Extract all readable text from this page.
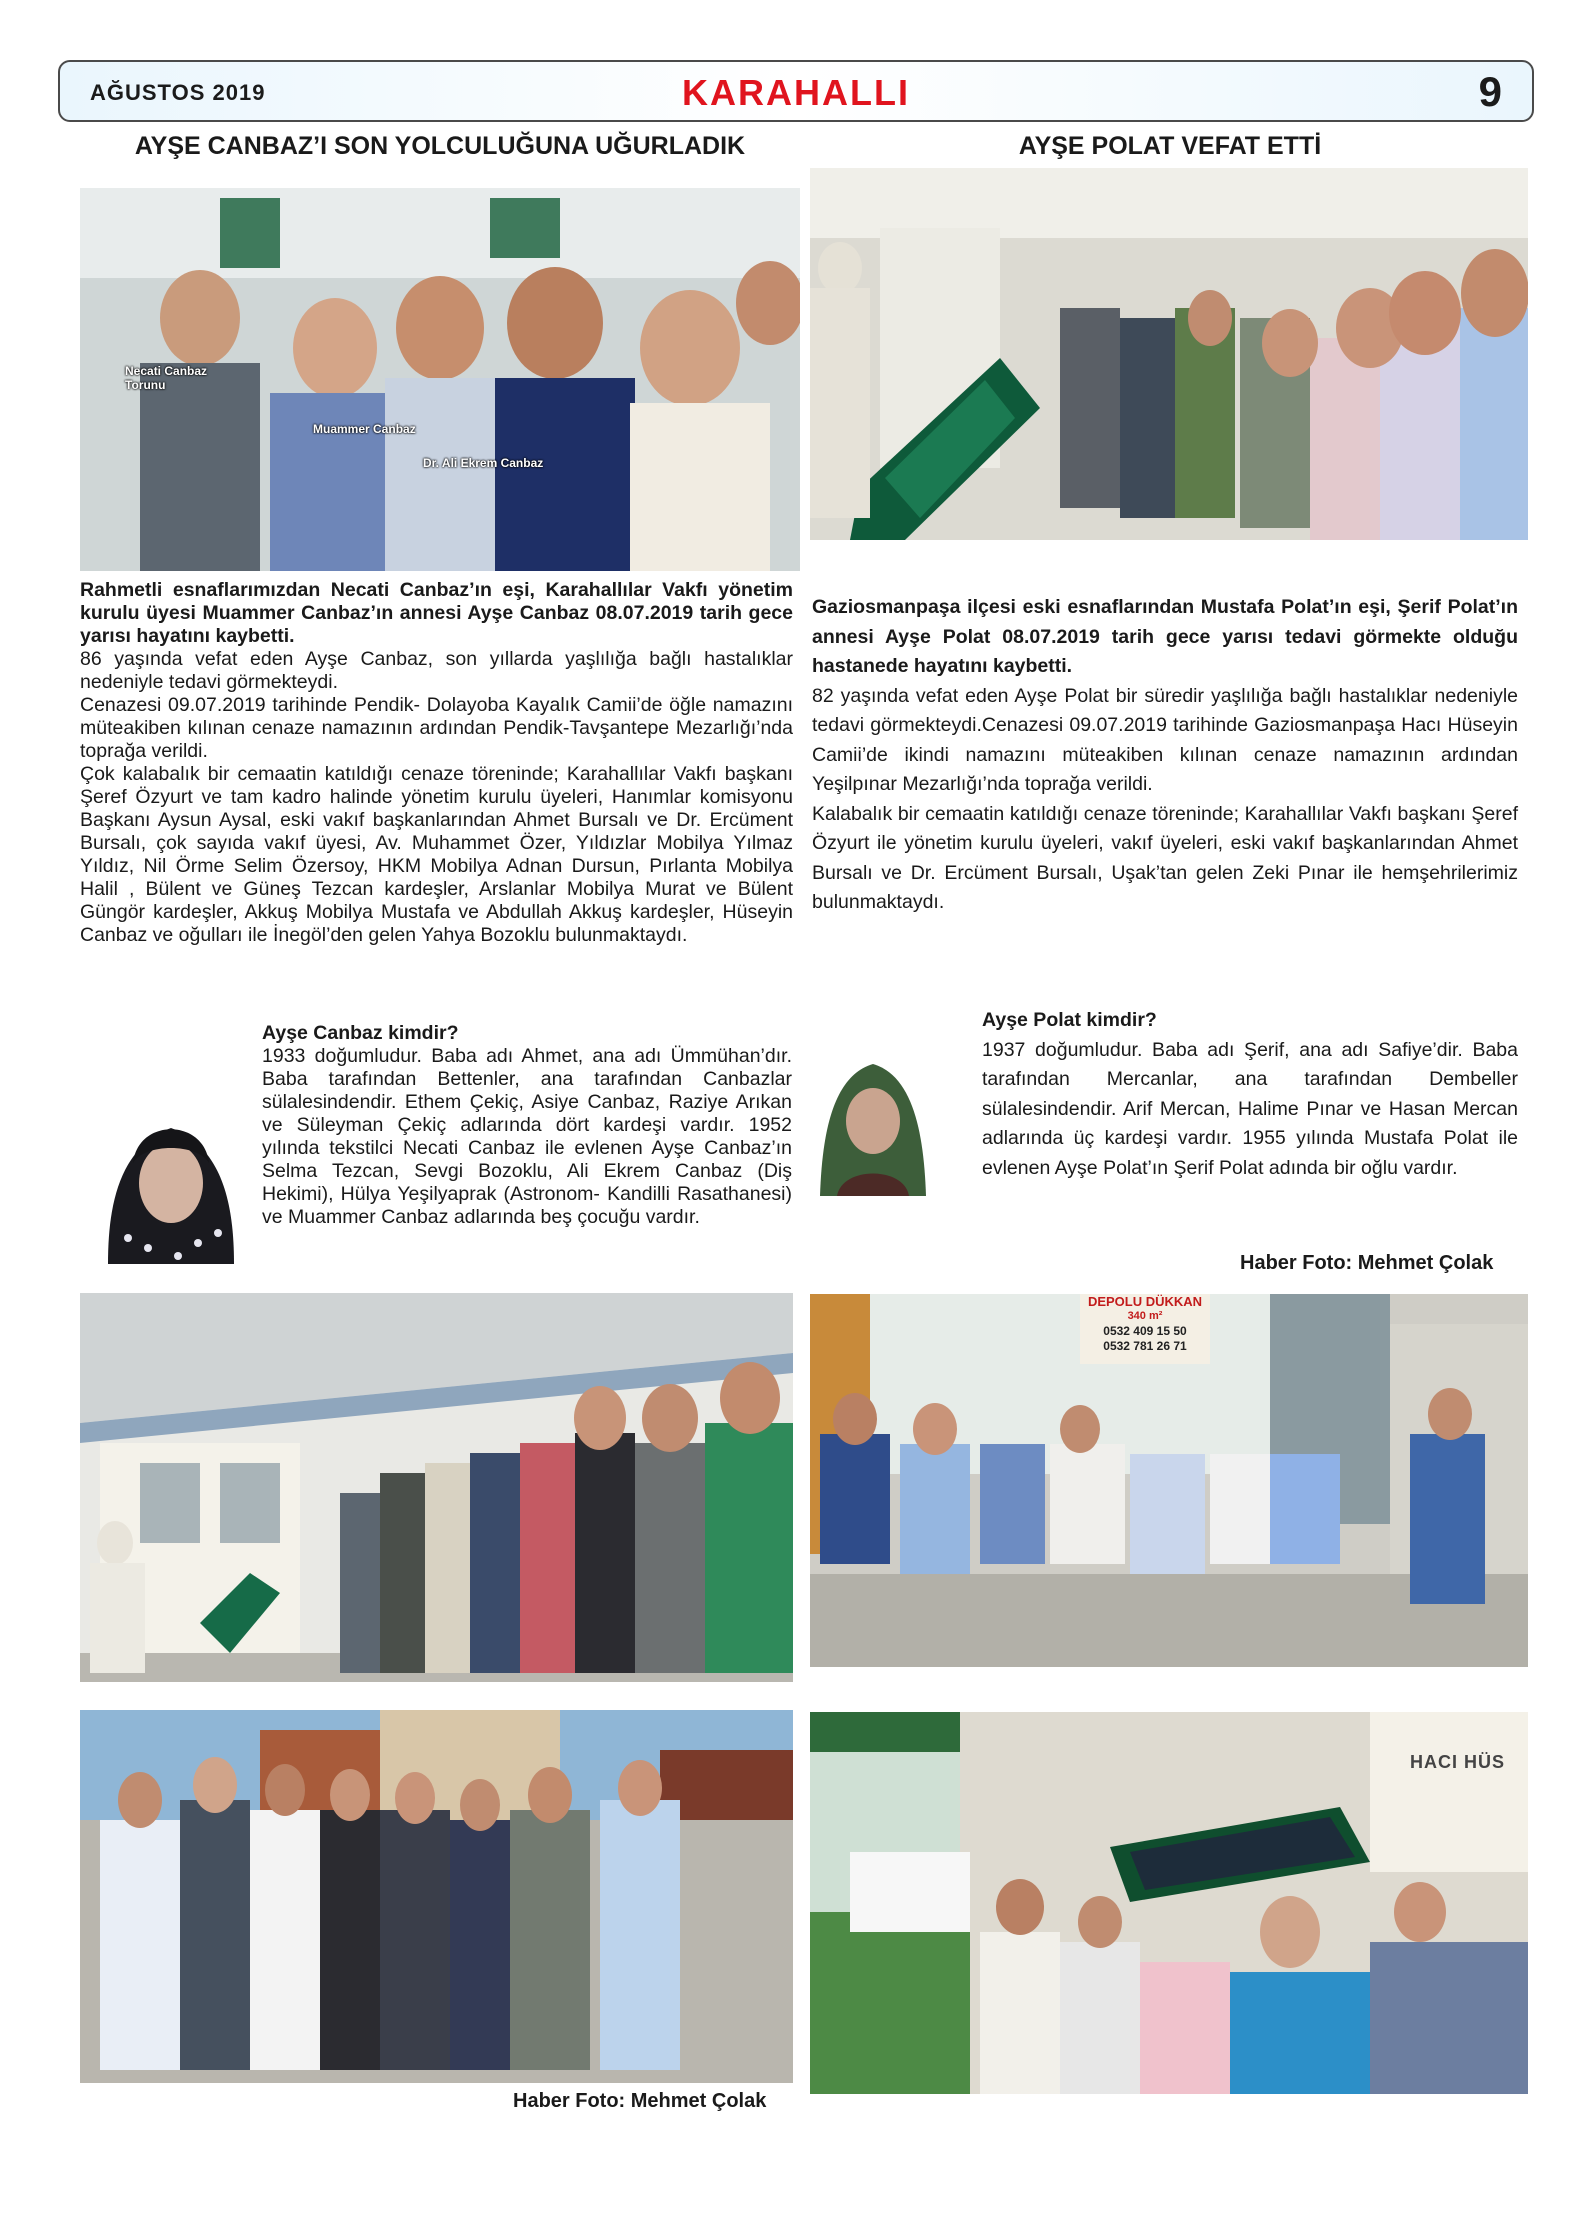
AĞUSTOS 2019	KARAHALLI	9
AYŞE CANBAZ’I SON YOLCULUĞUNA UĞURLADIK	AYŞE POLAT VEFAT ETTİ
Necati Canbaz
Torunu
Muammer Canbaz
Dr. Ali Ekrem Canbaz

Rahmetli esnaflarımızdan Necati Canbaz’ın eşi, Karahallılar Vakfı yönetim kurulu üyesi Muammer Canbaz’ın annesi Ayşe Canbaz 08.07.2019 tarih gece yarısı hayatını kaybetti.

86 yaşında vefat eden Ayşe Canbaz, son yıllarda yaşlılığa bağlı hastalıklar nedeniyle tedavi görmekteydi.

Cenazesi 09.07.2019 tarihinde Pendik- Dolayoba Kayalık Camii’de öğle namazını müteakiben kılınan cenaze namazının ardından Pendik-Tavşantepe Mezarlığı’nda toprağa verildi.

Çok kalabalık bir cemaatin katıldığı cenaze töreninde; Karahallılar Vakfı başkanı Şeref Özyurt ve tam kadro halinde yönetim kurulu üyeleri, Hanımlar komisyonu Başkanı Aysun Aysal, eski vakıf başkanlarından Ahmet Bursalı ve Dr. Ercüment Bursalı, çok sayıda vakıf üyesi, Av. Muhammet Özer, Yıldızlar Mobilya Yılmaz Yıldız, Nil Örme Selim Özersoy, HKM Mobilya Adnan Dursun, Pırlanta Mobilya Halil , Bülent ve Güneş Tezcan kardeşler, Arslanlar Mobilya Murat ve Bülent Güngör kardeşler, Akkuş Mobilya Mustafa ve Abdullah Akkuş kardeşler, Hüseyin Canbaz ve oğulları ile İnegöl’den gelen Yahya Bozoklu bulunmaktaydı.

Ayşe Canbaz kimdir?

1933 doğumludur. Baba adı Ahmet, ana adı Ümmühan’dır. Baba tarafından Bettenler, ana tarafından Canbazlar sülalesindendir. Ethem Çekiç, Asiye Canbaz, Raziye Arıkan ve Süleyman Çekiç adlarında dört kardeşi vardır. 1952 yılında tekstilci Necati Canbaz ile evlenen Ayşe Canbaz’ın Selma Tezcan, Sevgi Bozoklu, Ali Ekrem Canbaz (Diş Hekimi), Hülya Yeşilyaprak (Astronom- Kandilli Rasathanesi) ve Muammer Canbaz adlarında beş çocuğu vardır.

Gaziosmanpaşa ilçesi eski esnaflarından Mustafa Polat’ın eşi, Şerif Polat’ın annesi Ayşe Polat 08.07.2019 tarih gece yarısı tedavi görmekte olduğu hastanede hayatını kaybetti.

82 yaşında vefat eden Ayşe Polat bir süredir yaşlılığa bağlı hastalıklar nedeniyle tedavi görmekteydi.Cenazesi 09.07.2019 tarihinde Gaziosmanpaşa Hacı Hüseyin Camii’de ikindi namazını müteakiben kılınan cenaze namazının ardından Yeşilpınar Mezarlığı’nda toprağa verildi.

Kalabalık bir cemaatin katıldığı cenaze töreninde; Karahallılar Vakfı başkanı Şeref Özyurt ile yönetim kurulu üyeleri, vakıf üyeleri, eski vakıf başkanlarından Ahmet Bursalı ve Dr. Ercüment Bursalı, Uşak’tan gelen Zeki Pınar ile hemşehrilerimiz bulunmaktaydı.

Ayşe Polat kimdir?

1937 doğumludur. Baba adı Şerif, ana adı Safiye’dir. Baba tarafından Mercanlar, ana tarafından Dembeller sülalesindendir. Arif Mercan, Halime Pınar ve Hasan Mercan adlarında üç kardeşi vardır. 1955 yılında Mustafa Polat ile evlenen Ayşe Polat’ın Şerif Polat adında bir oğlu vardır.

Haber Foto: Mehmet Çolak
DEPOLU DÜKKAN
340 m²
0532 409 15 50
0532 781 26 71
Haber Foto: Mehmet Çolak
HACI HÜS
